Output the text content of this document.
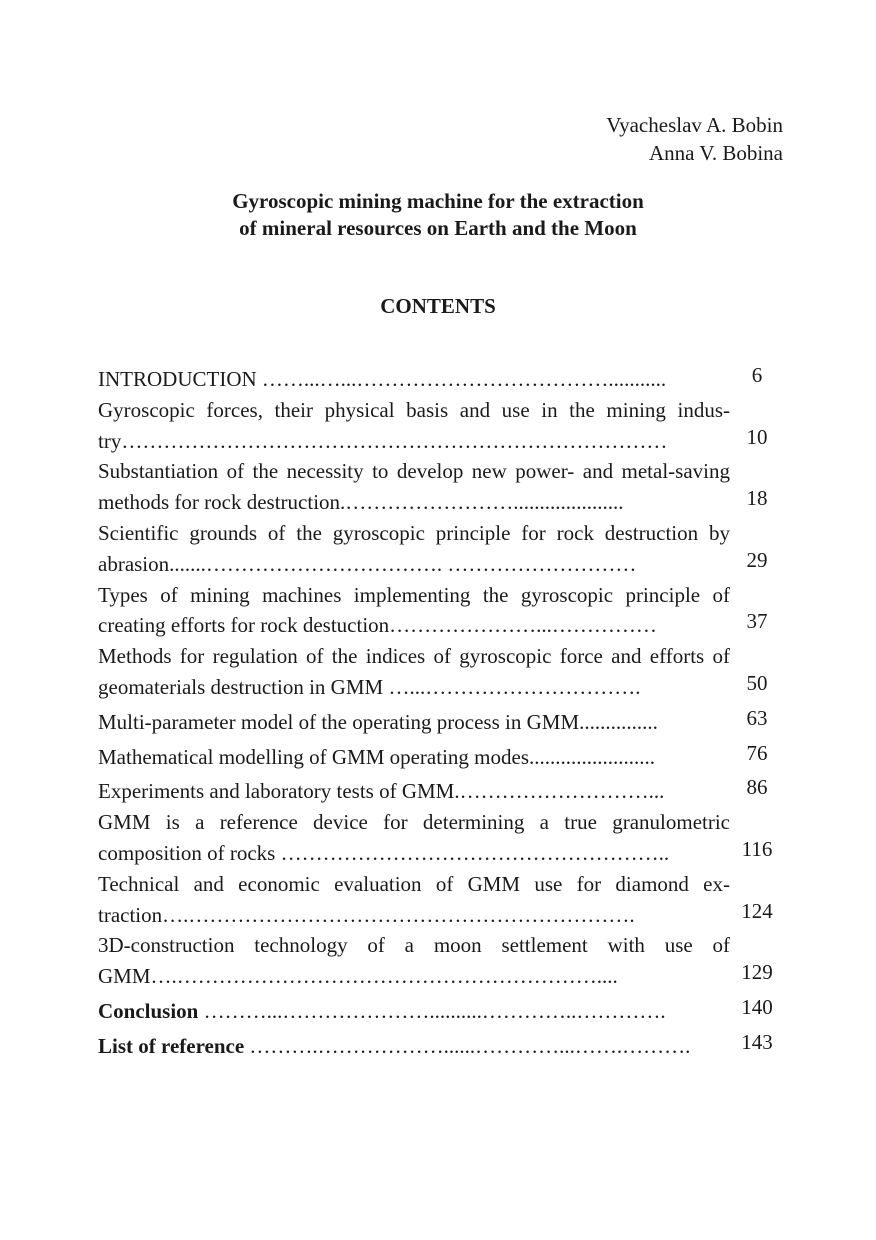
Vyacheslav A. Bobin
Anna V. Bobina
Gyroscopic mining machine for the extraction
of mineral resources on Earth and the Moon
CONTENTS
INTRODUCTION ……...…...………………………………...........	6
Gyroscopic forces, their physical basis and use in the mining indus-try……………………………………………………………………	10
Substantiation of the necessity to develop new power- and metal-saving methods for rock destruction.…………………….....................	18
Scientific grounds of the gyroscopic principle for rock destruction by abrasion.......……………………………. ………………………	29
Types of mining machines implementing the gyroscopic principle of creating efforts for rock destuction…………………...……………	37
Methods for regulation of the indices of gyroscopic force and efforts of geomaterials destruction in GMM …...………………………….	50
Multi-parameter model of the operating process in GMM...............	63
Mathematical modelling of GMM operating modes........................	76
Experiments and laboratory tests of GMM.………………………...	86
GMM is a reference device for determining a true granulometric composition of rocks ………………………………………………..	116
Technical and economic evaluation of GMM use for diamond ex-traction….……………………………………………………….	124
3D-construction technology of a moon settlement with use of GMM….……………………………………………………....	129
Conclusion ………...…………………..........…………..………….	140
List of reference ……….………………......…………...…….……….	143
